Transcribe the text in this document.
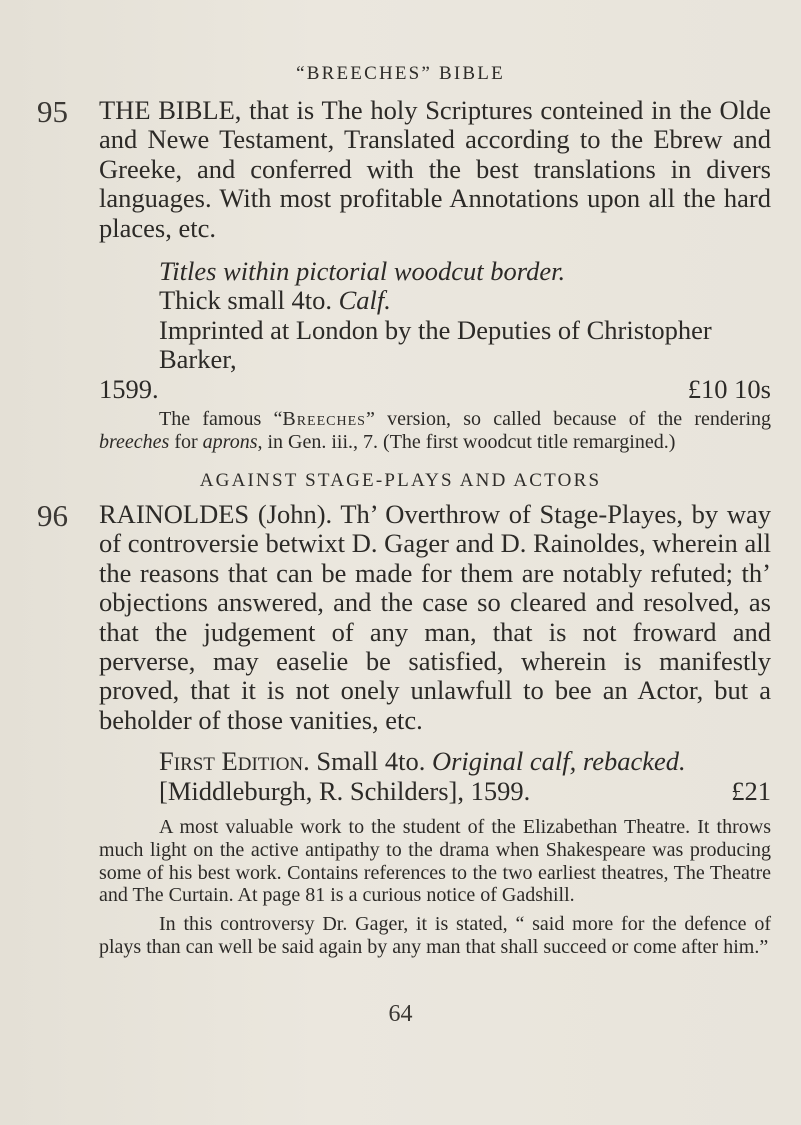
“BREECHES” BIBLE
95 THE BIBLE, that is The holy Scriptures conteined in the Olde and Newe Testament, Translated according to the Ebrew and Greeke, and conferred with the best translations in divers languages. With most profitable Annotations upon all the hard places, etc.

Titles within pictorial woodcut border.

Thick small 4to. Calf.

Imprinted at London by the Deputies of Christopher Barker,

1599.	£10 10s

The famous “Breeches” version, so called because of the rendering breeches for aprons, in Gen. iii., 7. (The first woodcut title remargined.)

AGAINST STAGE-PLAYS AND ACTORS
96 RAINOLDES (John). Th’ Overthrow of Stage-Playes, by way of controversie betwixt D. Gager and D. Rainoldes, wherein all the reasons that can be made for them are notably refuted; th’ objections answered, and the case so cleared and resolved, as that the judgement of any man, that is not froward and perverse, may easelie be satisfied, wherein is manifestly proved, that it is not onely unlawfull to bee an Actor, but a beholder of those vanities, etc.

First Edition. Small 4to. Original calf, rebacked.

[Middleburgh, R. Schilders], 1599.	£21

A most valuable work to the student of the Elizabethan Theatre. It throws much light on the active antipathy to the drama when Shakespeare was producing some of his best work. Contains references to the two earliest theatres, The Theatre and The Curtain. At page 81 is a curious notice of Gadshill.

In this controversy Dr. Gager, it is stated, “ said more for the defence of plays than can well be said again by any man that shall succeed or come after him.”

64
